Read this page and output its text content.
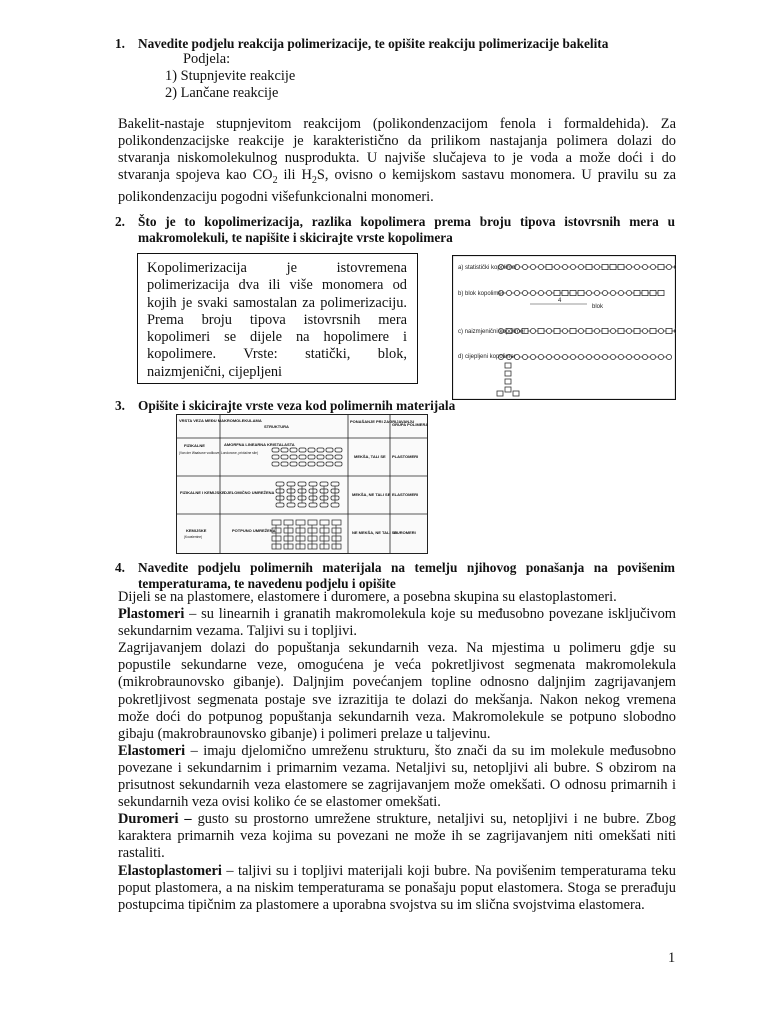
1. Navedite podjelu reakcija polimerizacije, te opišite reakciju polimerizacije bakelita
Podjela:
1) Stupnjevite reakcije
2) Lančane reakcije
Bakelit-nastaje stupnjevitom reakcijom (polikondenzacijom fenola i formaldehida). Za polikondenzacijske reakcije je karakteristično da prilikom nastajanja polimera dolazi do stvaranja niskomolekulnog nusprodukta. U najviše slučajeva to je voda a može doći i do stvaranja spojeva kao $CO_2$ ili $H_2S$, ovisno o kemijskom sastavu monomera. U pravilu su za polikondenzaciju pogodni višefunkcionalni monomeri.
2. Što je to kopolimerizacija, razlika kopolimera prema broju tipova istovrsnih mera u makromolekuli, te napišite i skicirajte vrste kopolimera
Kopolimerizacija je istovremena polimerizacija dva ili više monomera od kojih je svaki samostalan za polimerizaciju. Prema broju tipova istovrsnih mera kopolimeri se dijele na hopolimere i kopolimere. Vrste: statički, blok, naizmjenični, cijepljeni
a) statistički kopolimer
b) blok kopolimer
4
blok
c) naizmjenični kopolimer
d) cijepljeni kopolimer
3. Opišite i skicirajte vrste veza kod polimernih materijala
VRSTA VEZA MEĐU MAKROMOLEKULAMA
STRUKTURA
PONAŠANJE PRI ZAGRIJAVANJU
GRUPA POLIMERA
FIZIKALNE
(Van der Waalsove vodikove, Londonove, privlačne sile)
AMORFNA LINEARNA KRISTALASTA
MEKŠA, TALI SE PLASTOMERI
FIZIKALNE I KEMIJSKE DJELOMIČNO UMREŽENA	MEKŠA, NE TALI SE ELASTOMERI
KEMIJSKE
(Kovalentne)
POTPUNO UMREŽENA	NE MEKŠA, NE TALI SE
DUROMERI
4. Navedite podjelu polimernih materijala na temelju njihovog ponašanja na povišenim temperaturama, te navedenu podjelu i opišite
Dijeli se na plastomere, elastomere i duromere, a posebna skupina su elastoplastomeri.
Plastomeri – su linearnih i granatih makromolekula koje su međusobno povezane isključivom sekundarnim vezama. Taljivi su i topljivi.
Zagrijavanjem dolazi do popuštanja sekundarnih veza. Na mjestima u polimeru gdje su popustile sekundarne veze, omogućena je veća pokretljivost segmenata makromolekula (mikrobraunovsko gibanje). Daljnjim povećanjem topline odnosno daljnjim zagrijavanjem pokretljivost segmenata postaje sve izrazitija te dolazi do mekšanja. Nakon nekog vremena može doći do potpunog popuštanja sekundarnih veza. Makromolekule se potpuno slobodno gibaju (makrobraunovsko gibanje) i polimeri prelaze u taljevinu.
Elastomeri – imaju djelomično umreženu strukturu, što znači da su im molekule međusobno povezane i sekundarnim i primarnim vezama. Netaljivi su, netopljivi ali bubre. S obzirom na prisutnost sekundarnih veza elastomere se zagrijavanjem može omekšati. O odnosu primarnih i sekundarnih veza ovisi koliko će se elastomer omekšati.
Duromeri – gusto su prostorno umrežene strukture, netaljivi su, netopljivi i ne bubre. Zbog karaktera primarnih veza kojima su povezani ne može ih se zagrijavanjem niti omekšati niti rastaliti.
Elastoplastomeri – taljivi su i topljivi materijali koji bubre. Na povišenim temperaturama teku poput plastomera, a na niskim temperaturama se ponašaju poput elastomera. Stoga se prerađuju postupcima tipičnim za plastomere a uporabna svojstva su im slična svojstvima elastomera.
1
